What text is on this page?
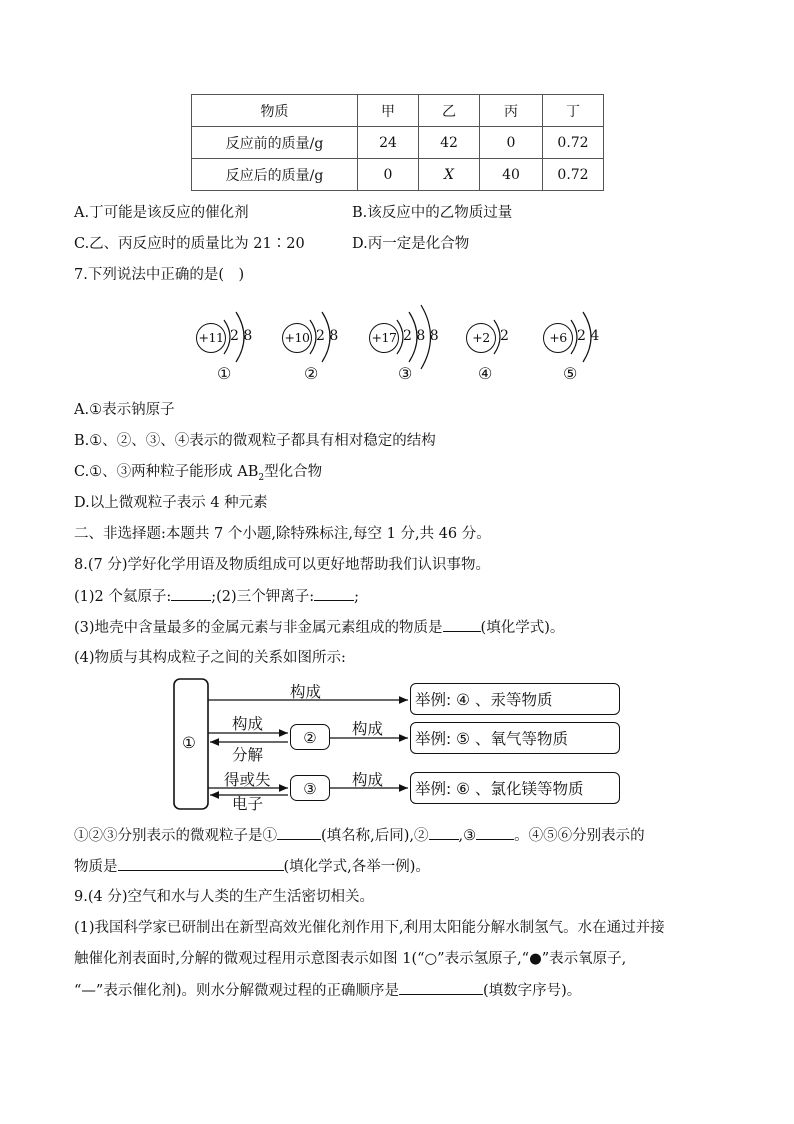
物质	甲	乙	丙	丁
反应前的质量/g	24	42	0	0.72
反应后的质量/g	0	X	40	0.72
A.丁可能是该反应的催化剂	B.该反应中的乙物质过量
C.乙、丙反应时的质量比为 21∶20	D.丙一定是化合物
7.下列说法中正确的是(　)
+11 2 8	+10 2 8	+17 2 8 8	+2 2	+6 2 4
①	②	③	④	⑤
A.①表示钠原子
B.①、②、③、④表示的微观粒子都具有相对稳定的结构
C.①、③两种粒子能形成 $AB_2$型化合物
D.以上微观粒子表示 4 种元素
二、非选择题:本题共 7 个小题,除特殊标注,每空 1 分,共 46 分。
8.(7 分)学好化学用语及物质组成可以更好地帮助我们认识事物。
(1)2 个氦原子:	;(2)三个钾离子:	;
(3)地壳中含量最多的金属元素与非金属元素组成的物质是	(填化学式)。
(4)物质与其构成粒子之间的关系如图所示:
①	②
③
构成
构成
分解
构成
得或失
电子
构成
举例: ④ 、汞等物质
举例: ⑤ 、氧气等物质
举例: ⑥ 、氯化镁等物质
①②③分别表示的微观粒子是①	(填名称,后同),② ,③	。④⑤⑥分别表示的
物质是	(填化学式,各举一例)。
9.(4 分)空气和水与人类的生产生活密切相关。
(1)我国科学家已研制出在新型高效光催化剂作用下,利用太阳能分解水制氢气。水在通过并接
触催化剂表面时,分解的微观过程用示意图表示如图 1(“○”表示氢原子,“●”表示氧原子,
“—”表示催化剂)。则水分解微观过程的正确顺序是	(填数字序号)。
